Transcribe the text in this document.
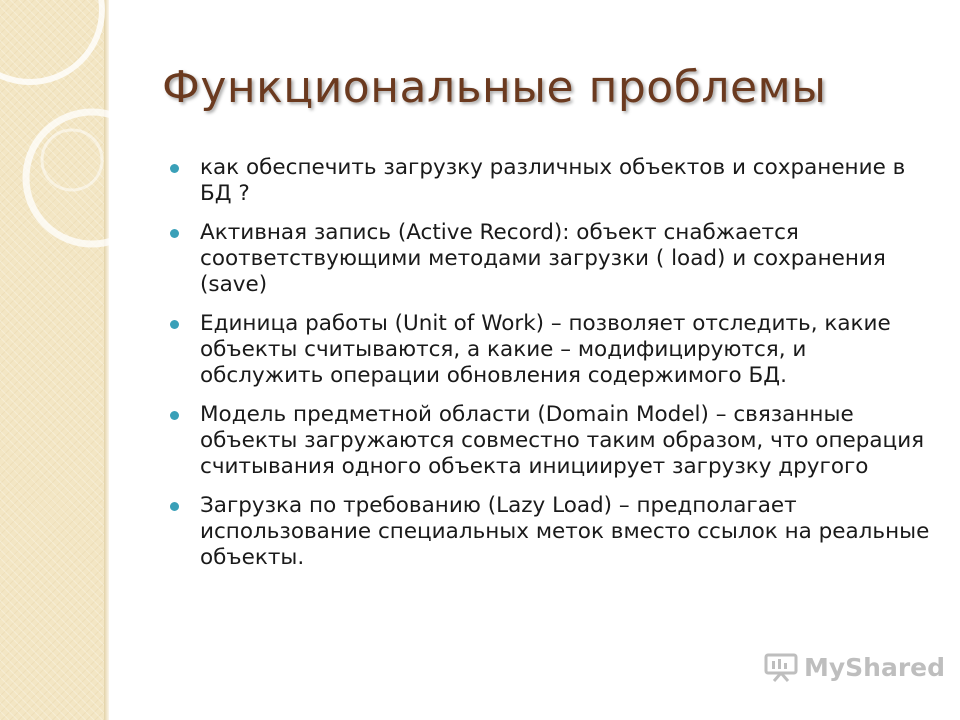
Функциональные проблемы
как обеспечить загрузку различных объектов и сохранение в БД ?
Активная запись (Active Record): объект снабжается соответствующими методами загрузки ( load) и сохранения (save)
Единица работы (Unit of Work) – позволяет отследить, какие объекты считываются, а какие – модифицируются, и обслужить операции обновления содержимого БД.
Модель предметной области (Domain Model) – связанные объекты загружаются совместно таким образом, что операция считывания одного объекта инициирует загрузку другого
Загрузка по требованию (Lazy Load) – предполагает использование специальных меток вместо ссылок на реальные объекты.
MyShared
